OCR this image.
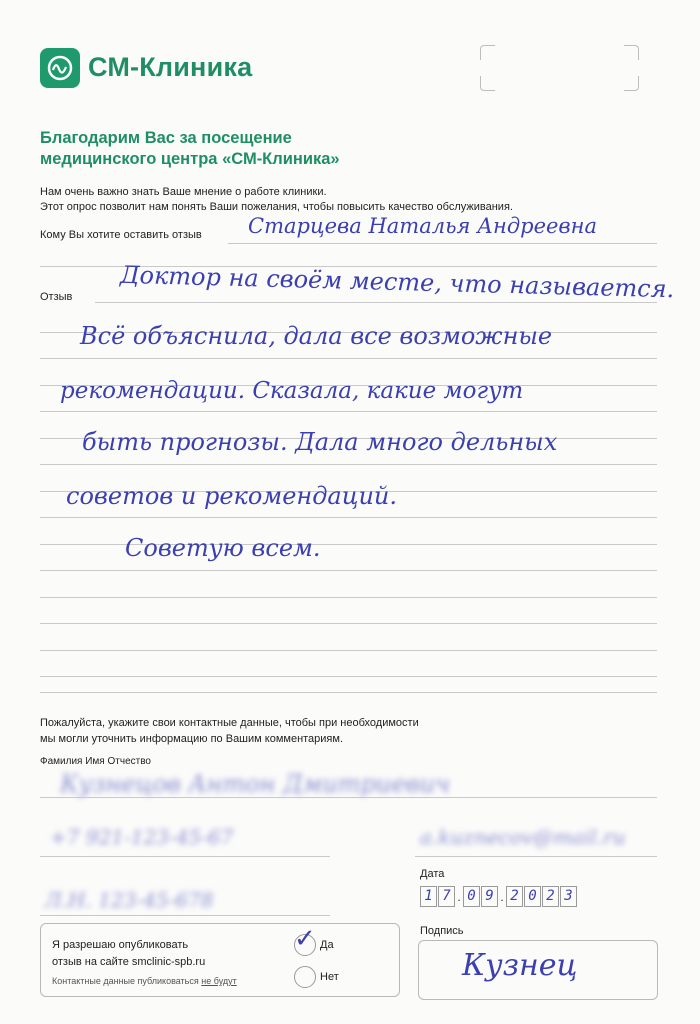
СМ-Клиника
Благодарим Вас за посещение
медицинского центра «СМ-Клиника»
Нам очень важно знать Ваше мнение о работе клиники.
Этот опрос позволит нам понять Ваши пожелания, чтобы повысить качество обслуживания.
Кому Вы хотите оставить отзыв Старцева Наталья Андреевна
Отзыв Доктор на своём месте, что называется.
Всё объяснила, дала все возможные
рекомендации. Сказала, какие могут
быть прогнозы. Дала много дельных
советов и рекомендаций.
Советую всем.
Пожалуйста, укажите свои контактные данные, чтобы при необходимости
мы могли уточнить информацию по Вашим комментариям.
Фамилия Имя Отчество
Кузнецов Антон Дмитриевич
+7 921-123-45-67	a.kuznecov@mail.ru
Л.Н. 123-45-678
Дата
1 7 . 0 9 . 2 0 2 3
Я разрешаю опубликовать
отзыв на сайте smclinic-spb.ru
Контактные данные публиковаться не будут
✓ Да
Нет
Подпись
Кузнец
